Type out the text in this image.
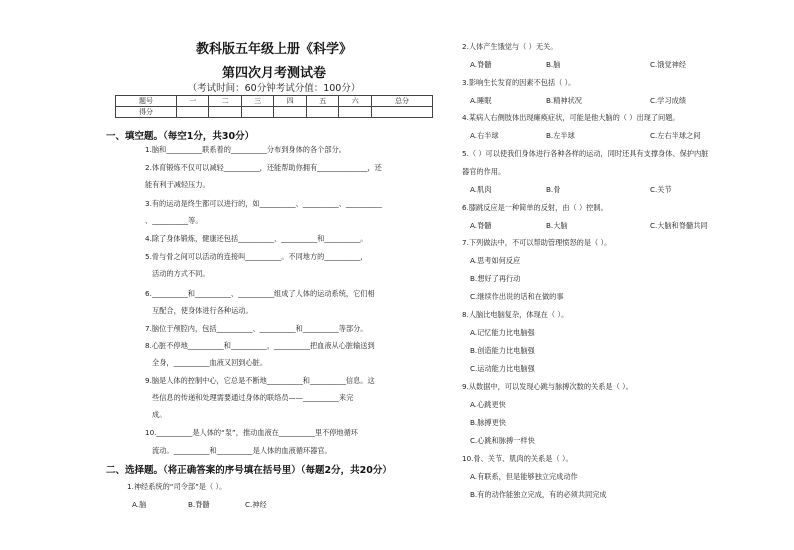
教科版五年级上册《科学》
第四次月考测试卷
（考试时间：60分钟考试分值：100分）
题号	一	二	三	四	五	六	总分
得分							
一、填空题。（每空1分，共30分）
1.脑和__________联系着的__________分布到身体的各个部分。
2.体育锻炼不仅可以减轻__________，还能帮助你拥有______________，还
能有利于减轻压力。
3.有的运动是终生都可以进行的，如__________、__________、__________
、__________等。
4.除了身体锻炼，健康还包括__________、__________和__________。
5.骨与骨之间可以活动的连接叫__________。不同地方的__________，
活动的方式不同。
6.__________和__________、__________组成了人体的运动系统，它们相
互配合，使身体进行各种运动。
7.脑位于颅腔内，包括__________、__________和__________等部分。
8.心脏不停地__________和__________，__________把血液从心脏输送到
全身，__________血液又回到心脏。
9.脑是人体的控制中心，它总是不断地__________和__________信息。这
些信息的传递和处理需要通过身体的联络员——__________来完
成。
10.__________是人体的“泵”，推动血液在__________里不停地循环
流动。__________和__________是人体的血液循环器官。
二、选择题。（将正确答案的序号填在括号里）（每题2分，共20分）
1.神经系统的“司令部”是（ ）。
A.脑	B.脊髓	C.神经
2.人体产生饿觉与（ ）无关。
A.脊髓	B.脑	C.饿觉神经
3.影响生长发育的因素不包括（ ）。
A.睡眠	B.精神状况	C.学习成绩
4.某病人右侧肢体出现瘫痪症状，可能是他大脑的（ ）出现了问题。
A.右半球	B.左半球	C.左右半球之间
5.（ ）可以使我们身体进行各种各样的运动，同时还具有支撑身体、保护内脏
器官的作用。
A.肌肉	B.骨	C.关节
6.膝跳反应是一种简单的反射，由（ ）控制。
A.脊髓	B.大脑	C.大脑和脊髓共同
7.下列做法中，不可以帮助管理愤怒的是（ ）。
A.思考如何反应
B.想好了再行动
C.继续作出说的话和在做的事
8.人脑比电脑复杂，体现在（ ）。
A.记忆能力比电脑强
B.创造能力比电脑强
C.运动能力比电脑强
9.从数据中，可以发现心跳与脉搏次数的关系是（ ）。
A.心跳更快
B.脉搏更快
C.心跳和脉搏一样快
10.骨、关节、肌肉的关系是（ ）。
A.有联系，但是能够独立完成动作
B.有的动作能独立完成，有的必须共同完成
